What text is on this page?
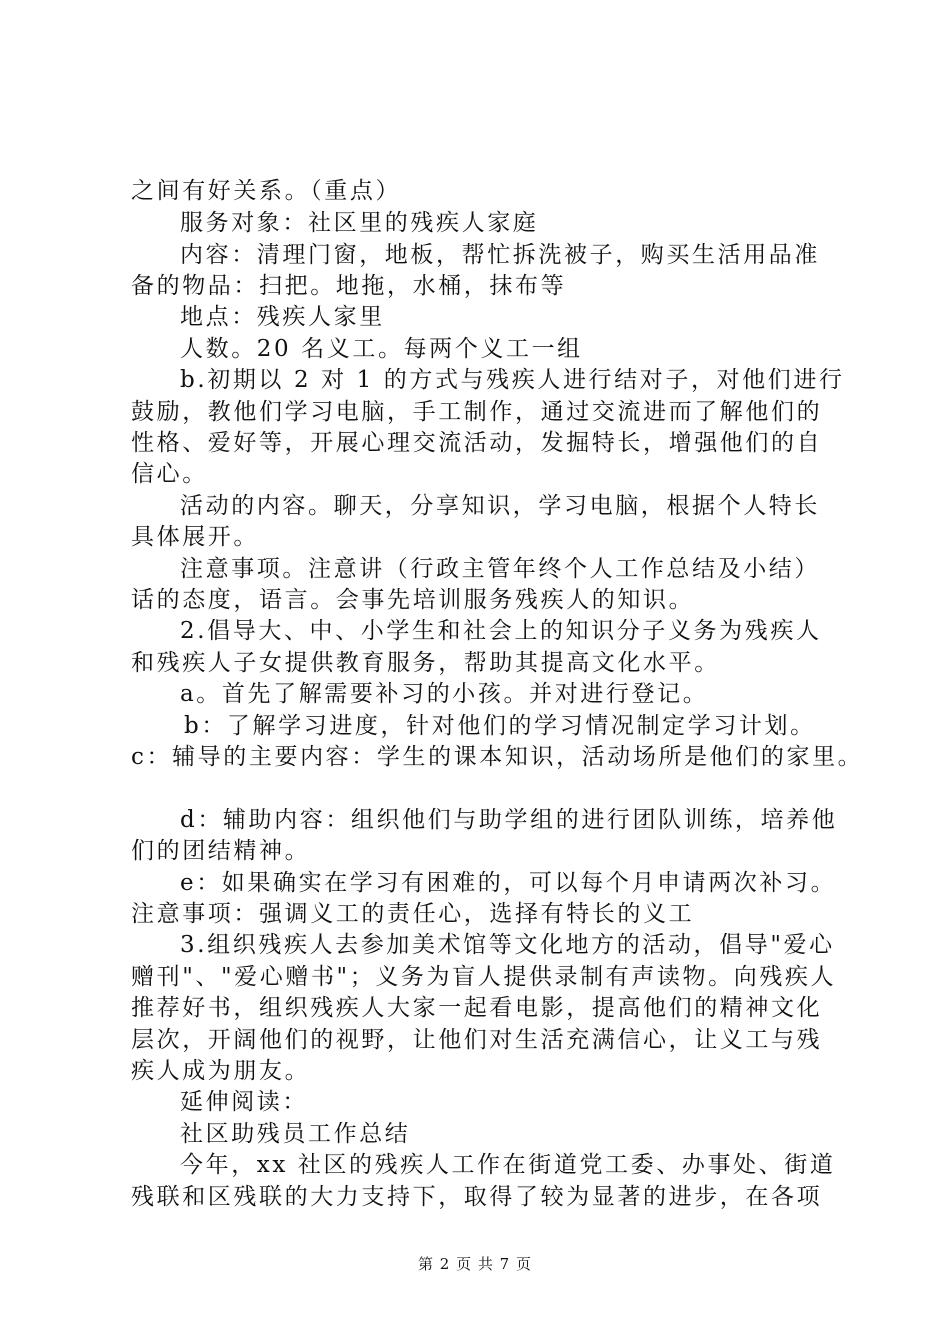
之间有好关系。（重点）
服务对象：社区里的残疾人家庭
内容：清理门窗，地板，帮忙拆洗被子，购买生活用品准
备的物品：扫把。地拖，水桶，抹布等
地点：残疾人家里
人数。20 名义工。每两个义工一组
b.初期以 2 对 1 的方式与残疾人进行结对子，对他们进行
鼓励，教他们学习电脑，手工制作，通过交流进而了解他们的
性格、爱好等，开展心理交流活动，发掘特长，增强他们的自
信心。
活动的内容。聊天，分享知识，学习电脑，根据个人特长
具体展开。
注意事项。注意讲（行政主管年终个人工作总结及小结）
话的态度，语言。会事先培训服务残疾人的知识。
2.倡导大、中、小学生和社会上的知识分子义务为残疾人
和残疾人子女提供教育服务，帮助其提高文化水平。
a。首先了解需要补习的小孩。并对进行登记。
b：了解学习进度，针对他们的学习情况制定学习计划。
c：辅导的主要内容：学生的课本知识，活动场所是他们的家里。
d：辅助内容：组织他们与助学组的进行团队训练，培养他
们的团结精神。
e：如果确实在学习有困难的，可以每个月申请两次补习。
注意事项：强调义工的责任心，选择有特长的义工
3.组织残疾人去参加美术馆等文化地方的活动，倡导"爱心
赠刊"、"爱心赠书"；义务为盲人提供录制有声读物。向残疾人
推荐好书，组织残疾人大家一起看电影，提高他们的精神文化
层次，开阔他们的视野，让他们对生活充满信心，让义工与残
疾人成为朋友。
延伸阅读：
社区助残员工作总结
今年，xx 社区的残疾人工作在街道党工委、办事处、街道
残联和区残联的大力支持下，取得了较为显著的进步，在各项
第 2 页 共 7 页
